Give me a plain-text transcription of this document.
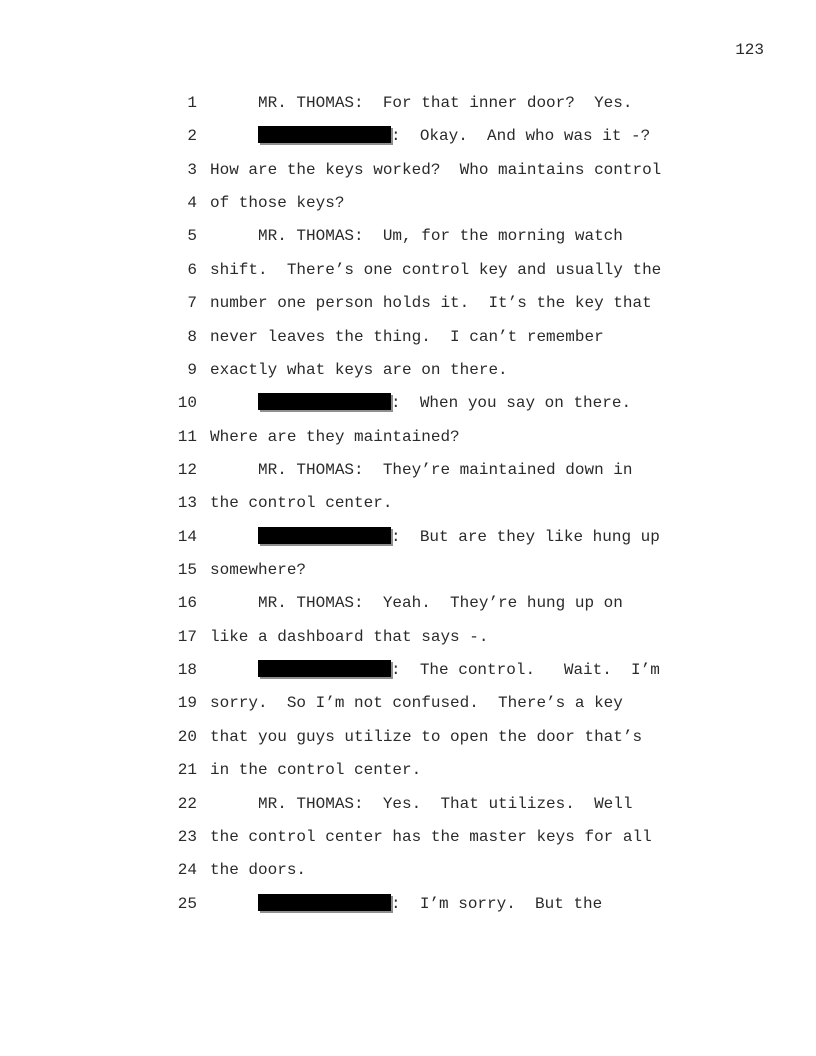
123
1     MR. THOMAS:  For that inner door?  Yes.
2	:  Okay.  And who was it -?
3 How are the keys worked?  Who maintains control
4 of those keys?
5     MR. THOMAS:  Um, for the morning watch
6 shift.  There’s one control key and usually the
7 number one person holds it.  It’s the key that
8 never leaves the thing.  I can’t remember
9 exactly what keys are on there.
10	:  When you say on there.
11 Where are they maintained?
12     MR. THOMAS:  They’re maintained down in
13 the control center.
14	:  But are they like hung up
15 somewhere?
16     MR. THOMAS:  Yeah.  They’re hung up on
17 like a dashboard that says -.
18	:  The control.   Wait.  I’m
19 sorry.  So I’m not confused.  There’s a key
20 that you guys utilize to open the door that’s
21 in the control center.
22     MR. THOMAS:  Yes.  That utilizes.  Well
23 the control center has the master keys for all
24 the doors.
25	:  I’m sorry.  But the
